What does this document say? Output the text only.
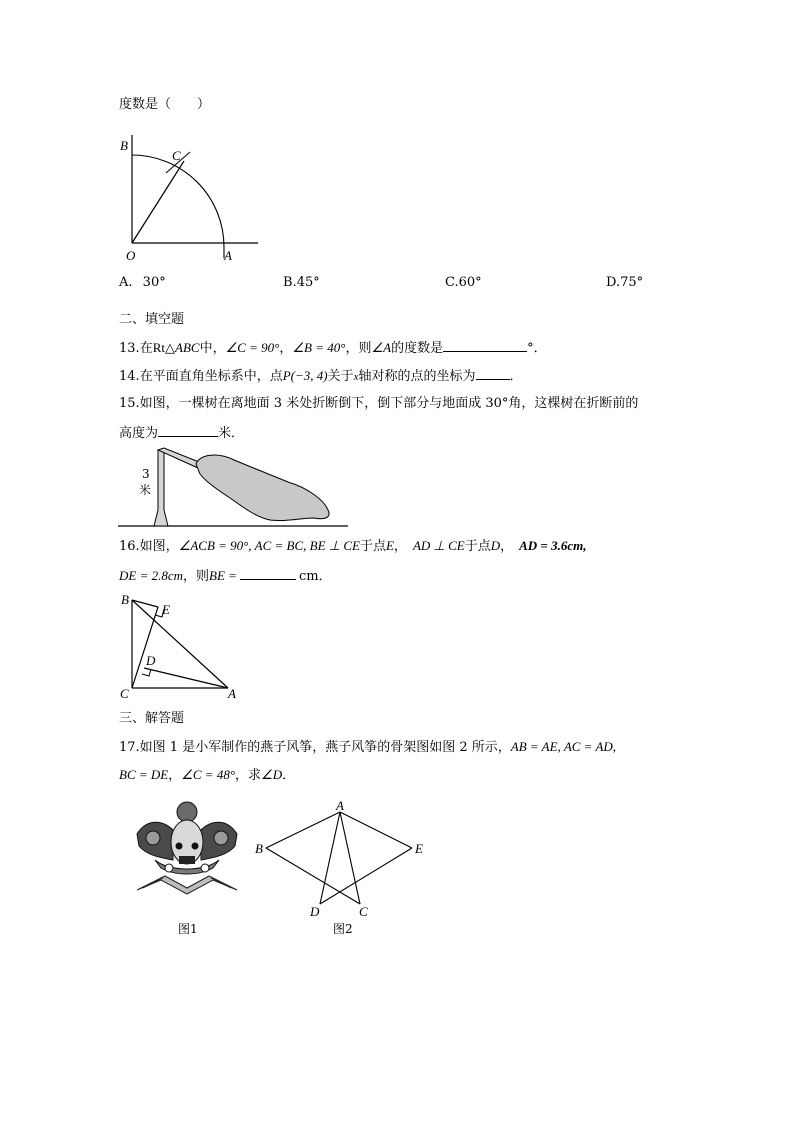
度数是（　　）
B
C
O	A
A. 30°	B.45°	C.60°	D.75°
二、填空题
13.在Rt△ABC中，∠C = 90°，∠B = 40°，则∠A的度数是	°．
14.在平面直角坐标系中，点P(−3, 4)关于x轴对称的点的坐标为	．
15.如图，一棵树在离地面 3 米处折断倒下，倒下部分与地面成 30°角，这棵树在折断前的
高度为	米．
3
米
16.如图，∠ACB = 90°, AC = BC, BE ⊥ CE于点E， AD ⊥ CE于点D， AD = 3.6cm,
DE = 2.8cm，则BE =	cm．
B
E
D
C	A
三、解答题
17.如图 1 是小军制作的燕子风筝，燕子风筝的骨架图如图 2 所示，AB = AE, AC = AD,
BC = DE，∠C = 48°，求∠D．
图1
A
B	E
D	C
图2
